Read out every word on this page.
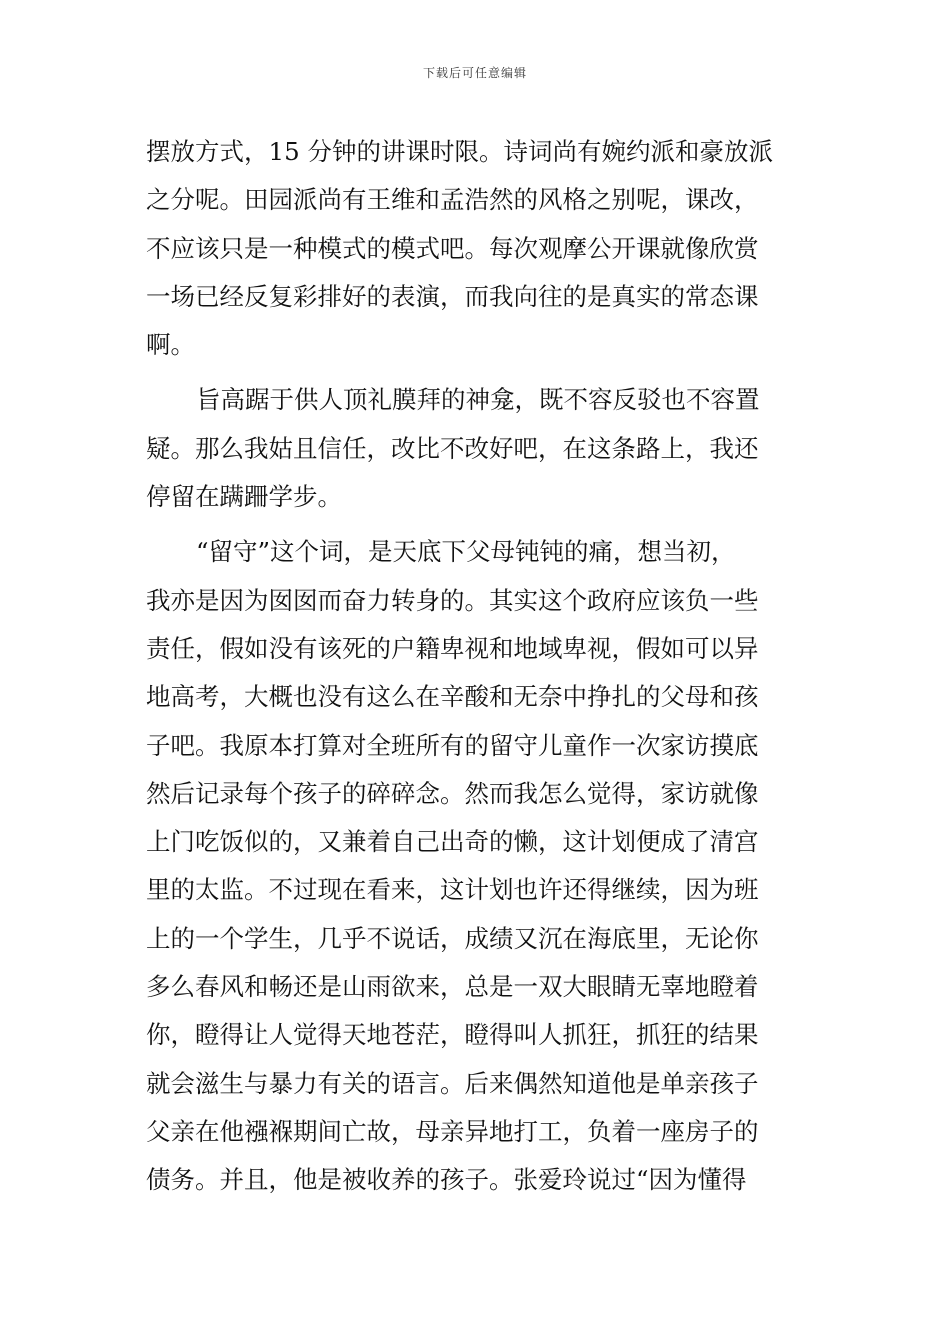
下载后可任意编辑
摆放方式，15 分钟的讲课时限。诗词尚有婉约派和豪放派
之分呢。田园派尚有王维和孟浩然的风格之别呢，课改，
不应该只是一种模式的模式吧。每次观摩公开课就像欣赏
一场已经反复彩排好的表演，而我向往的是真实的常态课
啊。
旨高踞于供人顶礼膜拜的神龛，既不容反驳也不容置
疑。那么我姑且信任，改比不改好吧，在这条路上，我还
停留在蹒跚学步。
“留守”这个词，是天底下父母钝钝的痛，想当初，
我亦是因为囡囡而奋力转身的。其实这个政府应该负一些
责任，假如没有该死的户籍卑视和地域卑视，假如可以异
地高考，大概也没有这么在辛酸和无奈中挣扎的父母和孩
子吧。我原本打算对全班所有的留守儿童作一次家访摸底
然后记录每个孩子的碎碎念。然而我怎么觉得，家访就像
上门吃饭似的，又兼着自己出奇的懒，这计划便成了清宫
里的太监。不过现在看来，这计划也许还得继续，因为班
上的一个学生，几乎不说话，成绩又沉在海底里，无论你
多么春风和畅还是山雨欲来，总是一双大眼睛无辜地瞪着
你，瞪得让人觉得天地苍茫，瞪得叫人抓狂，抓狂的结果
就会滋生与暴力有关的语言。后来偶然知道他是单亲孩子
父亲在他襁褓期间亡故，母亲异地打工，负着一座房子的
债务。并且，他是被收养的孩子。张爱玲说过“因为懂得
